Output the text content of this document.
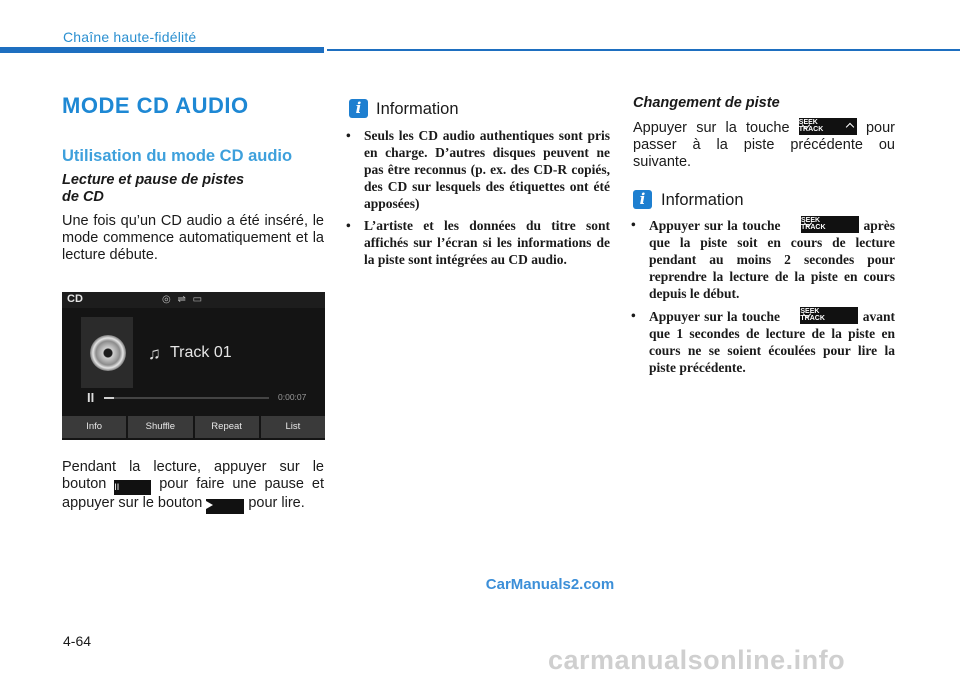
Chaîne haute-fidélité
MODE CD AUDIO
Utilisation du mode CD audio
Lecture et pause de pistes
de CD
Une fois qu’un CD audio a été inséré, le mode commence automatiquement et la lecture débute.
CD	◎ ⇌ ▭
♫ Track 01
II	0:00:07
Info	Shuffle	Repeat	List
Pendant la lecture, appuyer sur le bouton II	pour faire une pause et appuyer sur le bouton	pour lire.
i Information
• Seuls les CD audio authentiques sont pris en charge. D’autres disques peuvent ne pas être reconnus (p. ex. des CD-R copiés, des CD sur lesquels des étiquettes ont été apposées)
• L’artiste et les données du titre sont affichés sur l’écran si les informations de la piste sont intégrées au CD audio.
Changement de piste
Appuyer sur la touche SEEK
TRACK	pour passer à la piste précédente ou suivante.
i Information
• Appuyer sur la touche	SEEK
TRACK	après que la piste soit en cours de lecture pendant au moins 2 secondes pour reprendre la lecture de la piste en cours depuis le début.
• Appuyer sur la touche	SEEK
TRACK	avant que 1 secondes de lecture de la piste en cours ne se soient écoulées pour lire la piste précédente.
CarManuals2.com
4-64
carmanualsonline.info
